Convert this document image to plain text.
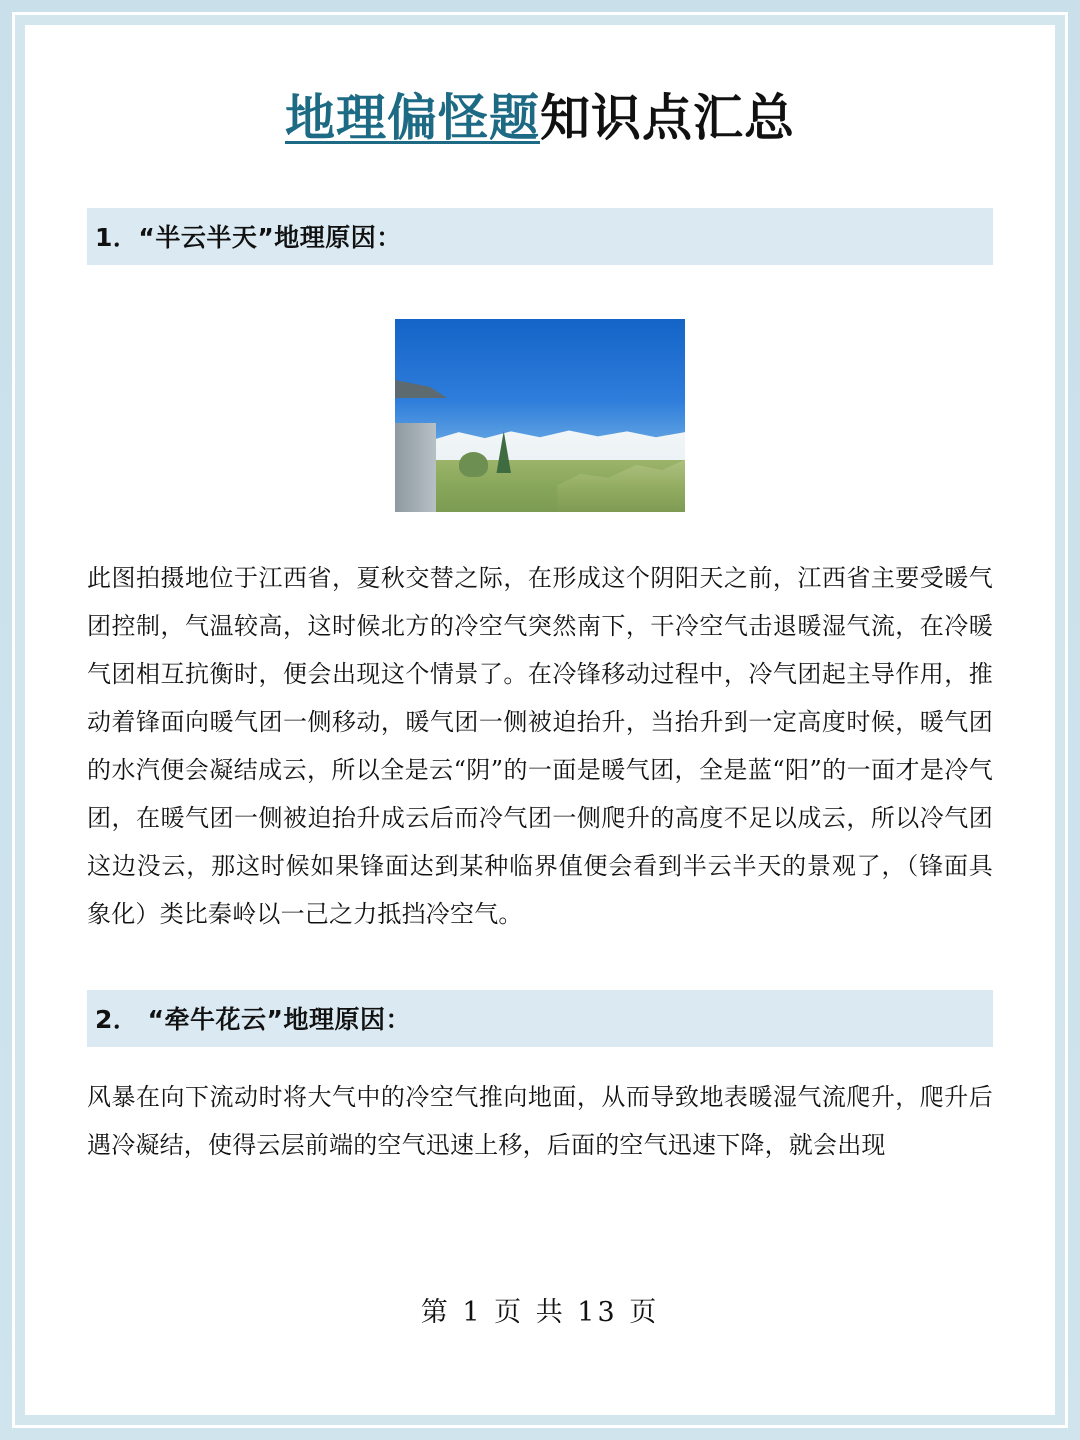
地理偏怪题知识点汇总
1．“半云半天”地理原因：

此图拍摄地位于江西省，夏秋交替之际，在形成这个阴阳天之前，江西省主要受暖气团控制，气温较高，这时候北方的冷空气突然南下，干冷空气击退暖湿气流，在冷暖气团相互抗衡时，便会出现这个情景了。在冷锋移动过程中，冷气团起主导作用，推动着锋面向暖气团一侧移动，暖气团一侧被迫抬升，当抬升到一定高度时候，暖气团的水汽便会凝结成云，所以全是云“阴”的一面是暖气团，全是蓝“阳”的一面才是冷气团，在暖气团一侧被迫抬升成云后而冷气团一侧爬升的高度不足以成云，所以冷气团这边没云，那这时候如果锋面达到某种临界值便会看到半云半天的景观了，（锋面具象化）类比秦岭以一己之力抵挡冷空气。

2． “牵牛花云”地理原因：

风暴在向下流动时将大气中的冷空气推向地面，从而导致地表暖湿气流爬升，爬升后遇冷凝结，使得云层前端的空气迅速上移，后面的空气迅速下降，就会出现

第 1 页 共 13 页
